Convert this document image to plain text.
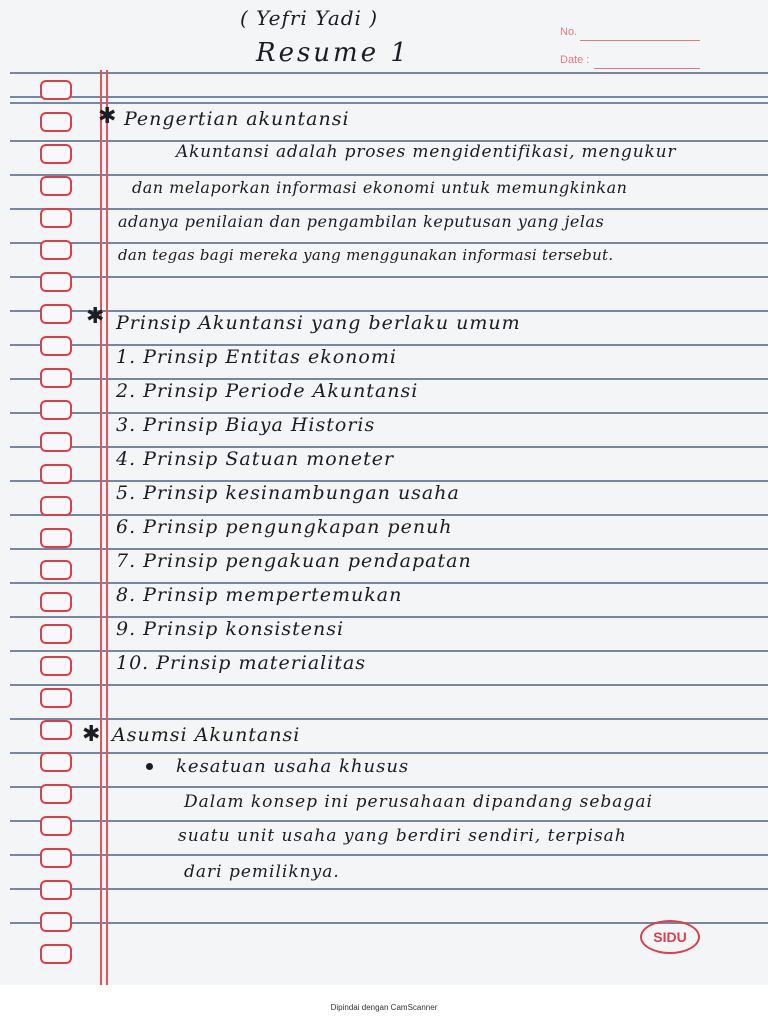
( Yefri Yadi )
Resume 1
No.
Date :
✱ Pengertian akuntansi
Akuntansi adalah proses mengidentifikasi, mengukur
dan melaporkan informasi ekonomi untuk memungkinkan
adanya penilaian dan pengambilan keputusan yang jelas
dan tegas bagi mereka yang menggunakan informasi tersebut.
✱ Prinsip Akuntansi yang berlaku umum
1. Prinsip Entitas ekonomi
2. Prinsip Periode Akuntansi
3. Prinsip Biaya Historis
4. Prinsip Satuan moneter
5. Prinsip kesinambungan usaha
6. Prinsip pengungkapan penuh
7. Prinsip pengakuan pendapatan
8. Prinsip mempertemukan
9. Prinsip konsistensi
10. Prinsip materialitas
✱ Asumsi Akuntansi
kesatuan usaha khusus
Dalam konsep ini perusahaan dipandang sebagai
suatu unit usaha yang berdiri sendiri, terpisah
dari pemiliknya.
SIDU
Dipindai dengan CamScanner
